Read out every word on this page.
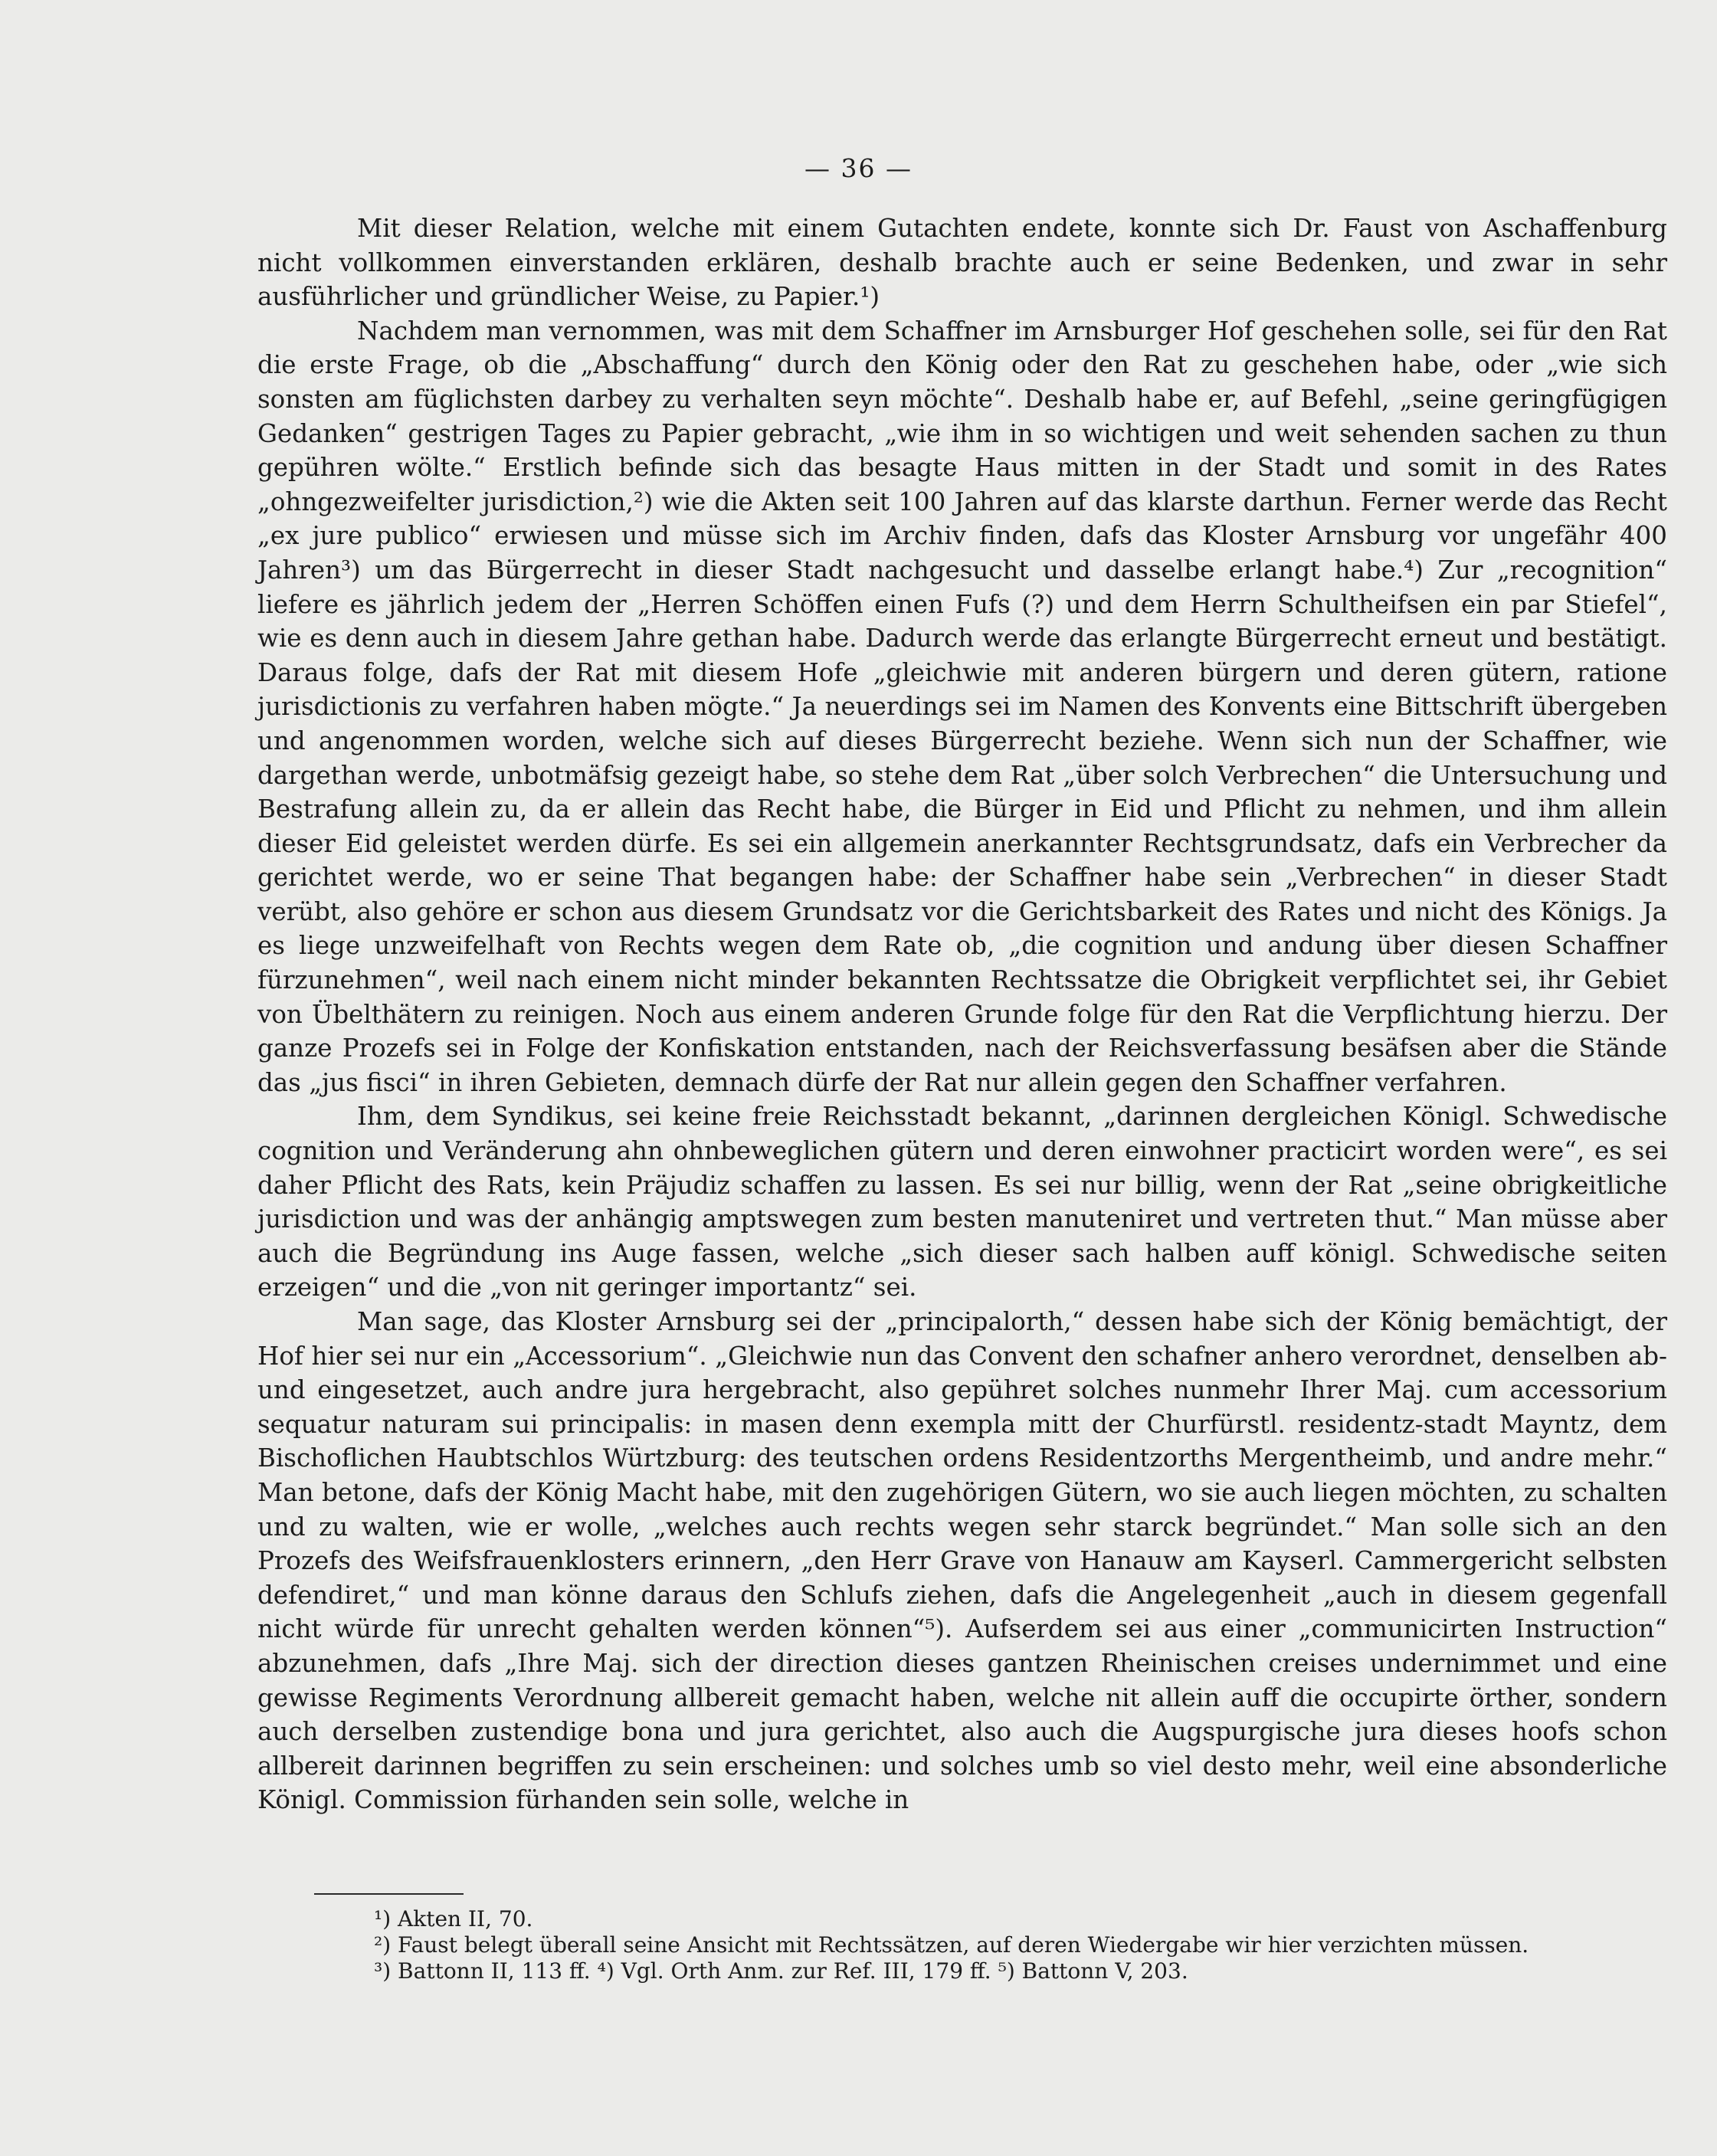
— 36 —

Mit dieser Relation, welche mit einem Gutachten endete, konnte sich Dr. Faust von Aschaffenburg nicht vollkommen einverstanden erklären, deshalb brachte auch er seine Bedenken, und zwar in sehr ausführlicher und gründlicher Weise, zu Papier.¹)

Nachdem man vernommen, was mit dem Schaffner im Arnsburger Hof geschehen solle, sei für den Rat die erste Frage, ob die „Abschaffung“ durch den König oder den Rat zu geschehen habe, oder „wie sich sonsten am füglichsten darbey zu verhalten seyn möchte“. Deshalb habe er, auf Befehl, „seine geringfügigen Gedanken“ gestrigen Tages zu Papier gebracht, „wie ihm in so wichtigen und weit sehenden sachen zu thun gepühren wölte.“ Erstlich befinde sich das besagte Haus mitten in der Stadt und somit in des Rates „ohngezweifelter jurisdiction,²) wie die Akten seit 100 Jahren auf das klarste darthun. Ferner werde das Recht „ex jure publico“ erwiesen und müsse sich im Archiv finden, dafs das Kloster Arnsburg vor ungefähr 400 Jahren³) um das Bürgerrecht in dieser Stadt nachgesucht und dasselbe erlangt habe.⁴) Zur „recognition“ liefere es jährlich jedem der „Herren Schöffen einen Fufs (?) und dem Herrn Schultheifsen ein par Stiefel“, wie es denn auch in diesem Jahre gethan habe. Dadurch werde das erlangte Bürgerrecht erneut und bestätigt. Daraus folge, dafs der Rat mit diesem Hofe „gleichwie mit anderen bürgern und deren gütern, ratione jurisdictionis zu verfahren haben mögte.“ Ja neuerdings sei im Namen des Konvents eine Bittschrift übergeben und angenommen worden, welche sich auf dieses Bürgerrecht beziehe. Wenn sich nun der Schaffner, wie dargethan werde, unbotmäfsig gezeigt habe, so stehe dem Rat „über solch Verbrechen“ die Untersuchung und Bestrafung allein zu, da er allein das Recht habe, die Bürger in Eid und Pflicht zu nehmen, und ihm allein dieser Eid geleistet werden dürfe. Es sei ein allgemein anerkannter Rechtsgrundsatz, dafs ein Verbrecher da gerichtet werde, wo er seine That begangen habe: der Schaffner habe sein „Verbrechen“ in dieser Stadt verübt, also gehöre er schon aus diesem Grundsatz vor die Gerichtsbarkeit des Rates und nicht des Königs. Ja es liege unzweifelhaft von Rechts wegen dem Rate ob, „die cognition und andung über diesen Schaffner fürzunehmen“, weil nach einem nicht minder bekannten Rechtssatze die Obrigkeit verpflichtet sei, ihr Gebiet von Übelthätern zu reinigen. Noch aus einem anderen Grunde folge für den Rat die Verpflichtung hierzu. Der ganze Prozefs sei in Folge der Konfiskation entstanden, nach der Reichsverfassung besäfsen aber die Stände das „jus fisci“ in ihren Gebieten, demnach dürfe der Rat nur allein gegen den Schaffner verfahren.

Ihm, dem Syndikus, sei keine freie Reichsstadt bekannt, „darinnen dergleichen Königl. Schwedische cognition und Veränderung ahn ohnbeweglichen gütern und deren einwohner practicirt worden were“, es sei daher Pflicht des Rats, kein Präjudiz schaffen zu lassen. Es sei nur billig, wenn der Rat „seine obrigkeitliche jurisdiction und was der anhängig amptswegen zum besten manuteniret und vertreten thut.“ Man müsse aber auch die Begründung ins Auge fassen, welche „sich dieser sach halben auff königl. Schwedische seiten erzeigen“ und die „von nit geringer importantz“ sei.

Man sage, das Kloster Arnsburg sei der „principalorth,“ dessen habe sich der König bemächtigt, der Hof hier sei nur ein „Accessorium“. „Gleichwie nun das Convent den schafner anhero verordnet, denselben ab- und eingesetzet, auch andre jura hergebracht, also gepühret solches nunmehr Ihrer Maj. cum accessorium sequatur naturam sui principalis: in masen denn exempla mitt der Churfürstl. residentz-stadt Mayntz, dem Bischoflichen Haubtschlos Würtzburg: des teutschen ordens Residentzorths Mergentheimb, und andre mehr.“ Man betone, dafs der König Macht habe, mit den zugehörigen Gütern, wo sie auch liegen möchten, zu schalten und zu walten, wie er wolle, „welches auch rechts wegen sehr starck begründet.“ Man solle sich an den Prozefs des Weifsfrauenklosters erinnern, „den Herr Grave von Hanauw am Kayserl. Cammergericht selbsten defendiret,“ und man könne daraus den Schlufs ziehen, dafs die Angelegenheit „auch in diesem gegenfall nicht würde für unrecht gehalten werden können“⁵). Aufserdem sei aus einer „communicirten Instruction“ abzunehmen, dafs „Ihre Maj. sich der direction dieses gantzen Rheinischen creises undernimmet und eine gewisse Regiments Verordnung allbereit gemacht haben, welche nit allein auff die occupirte örther, sondern auch derselben zustendige bona und jura gerichtet, also auch die Augspurgische jura dieses hoofs schon allbereit darinnen begriffen zu sein erscheinen: und solches umb so viel desto mehr, weil eine absonderliche Königl. Commission fürhanden sein solle, welche in

¹) Akten II, 70.
²) Faust belegt überall seine Ansicht mit Rechtssätzen, auf deren Wiedergabe wir hier verzichten müssen.
³) Battonn II, 113 ff. ⁴) Vgl. Orth Anm. zur Ref. III, 179 ff. ⁵) Battonn V, 203.
